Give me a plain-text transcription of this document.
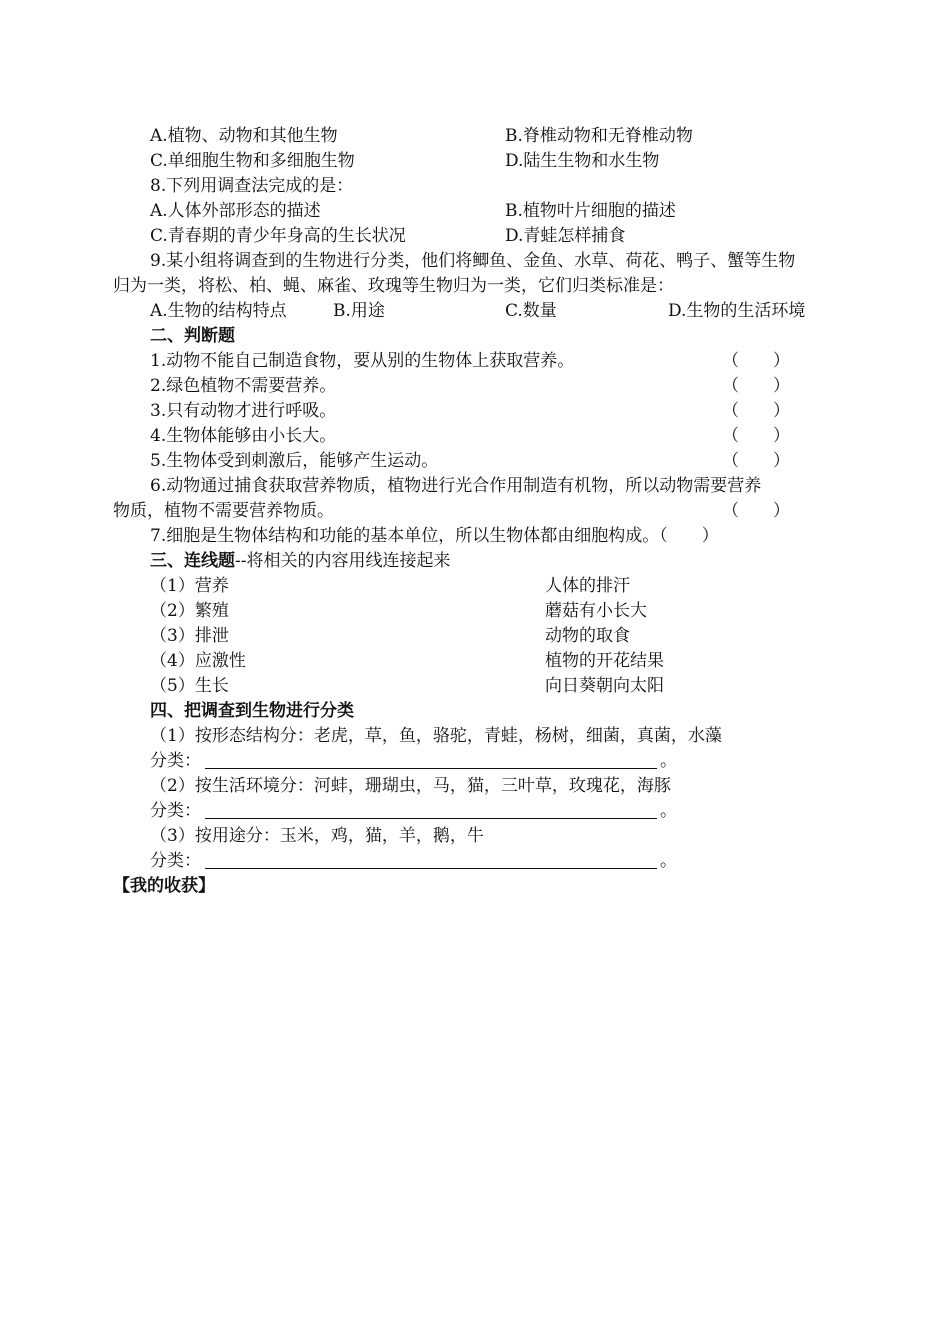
A.植物、动物和其他生物	B.脊椎动物和无脊椎动物
C.单细胞生物和多细胞生物	D.陆生生物和水生物
8.下列用调查法完成的是：
A.人体外部形态的描述	B.植物叶片细胞的描述
C.青春期的青少年身高的生长状况	D.青蛙怎样捕食
9.某小组将调查到的生物进行分类，他们将鲫鱼、金鱼、水草、荷花、鸭子、蟹等生物
归为一类，将松、柏、蝇、麻雀、玫瑰等生物归为一类，它们归类标准是：
A.生物的结构特点	B.用途	C.数量	D.生物的生活环境
二、判断题
1.动物不能自己制造食物，要从别的生物体上获取营养。	（　　）
2.绿色植物不需要营养。	（　　）
3.只有动物才进行呼吸。	（　　）
4.生物体能够由小长大。	（　　）
5.生物体受到刺激后，能够产生运动。	（　　）
6.动物通过捕食获取营养物质，植物进行光合作用制造有机物，所以动物需要营养
物质，植物不需要营养物质。	（　　）
7.细胞是生物体结构和功能的基本单位，所以生物体都由细胞构成。（　　）
三、连线题--将相关的内容用线连接起来
（1）营养	人体的排汗
（2）繁殖	蘑菇有小长大
（3）排泄	动物的取食
（4）应激性	植物的开花结果
（5）生长	向日葵朝向太阳
四、把调查到生物进行分类
（1）按形态结构分：老虎，草，鱼，骆驼，青蛙，杨树，细菌，真菌，水藻
分类：	。
（2）按生活环境分：河蚌，珊瑚虫，马，猫，三叶草，玫瑰花，海豚
分类：	。
（3）按用途分：玉米，鸡，猫，羊，鹅，牛
分类：	。
【我的收获】
